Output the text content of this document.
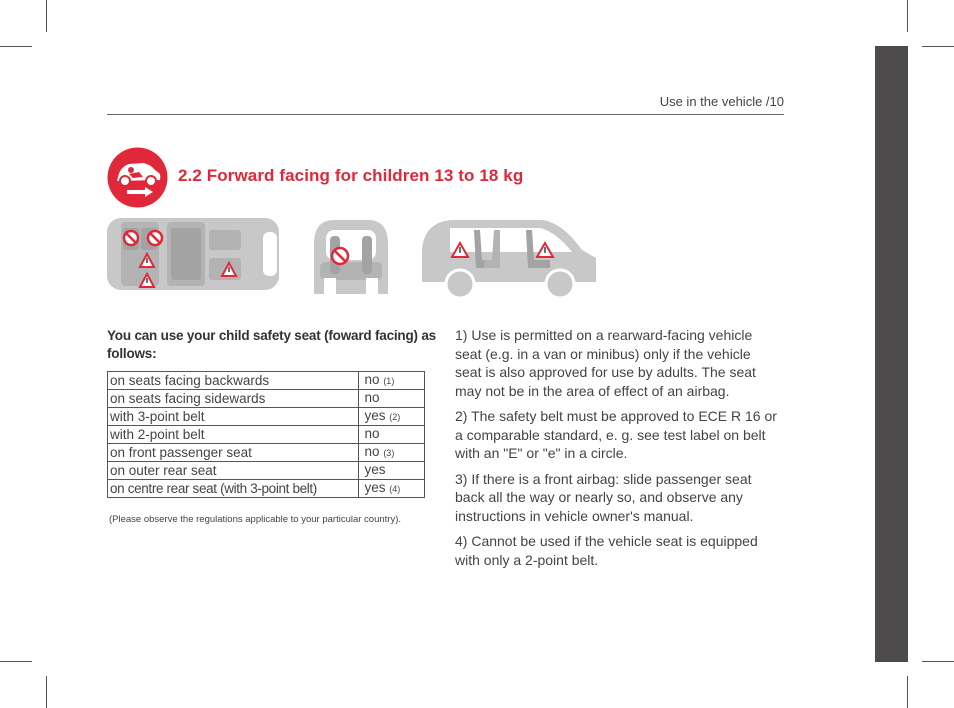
Use in the vehicle /10
2.2 Forward facing for children 13 to 18 kg
You can use your child safety seat (foward facing) as follows:
on seats facing backwards	no (1)
on seats facing sidewards	no
with 3-point belt	yes (2)
with 2-point belt	no
on front passenger seat	no (3)
on outer rear seat	yes
on centre rear seat (with 3-point belt)	yes (4)
(Please observe the regulations applicable to your particular country).

1) Use is permitted on a rearward-facing vehicle seat (e.g. in a van or minibus) only if the vehicle seat is also approved for use by adults. The seat may not be in the area of effect of an airbag.

2) The safety belt must be approved to ECE R 16 or a comparable standard, e. g. see test label on belt with an "E" or "e" in a circle.

3) If there is a front airbag: slide passenger seat back all the way or nearly so, and observe any instructions in vehicle owner's manual.

4) Cannot be used if the vehicle seat is equipped with only a 2-point belt.
